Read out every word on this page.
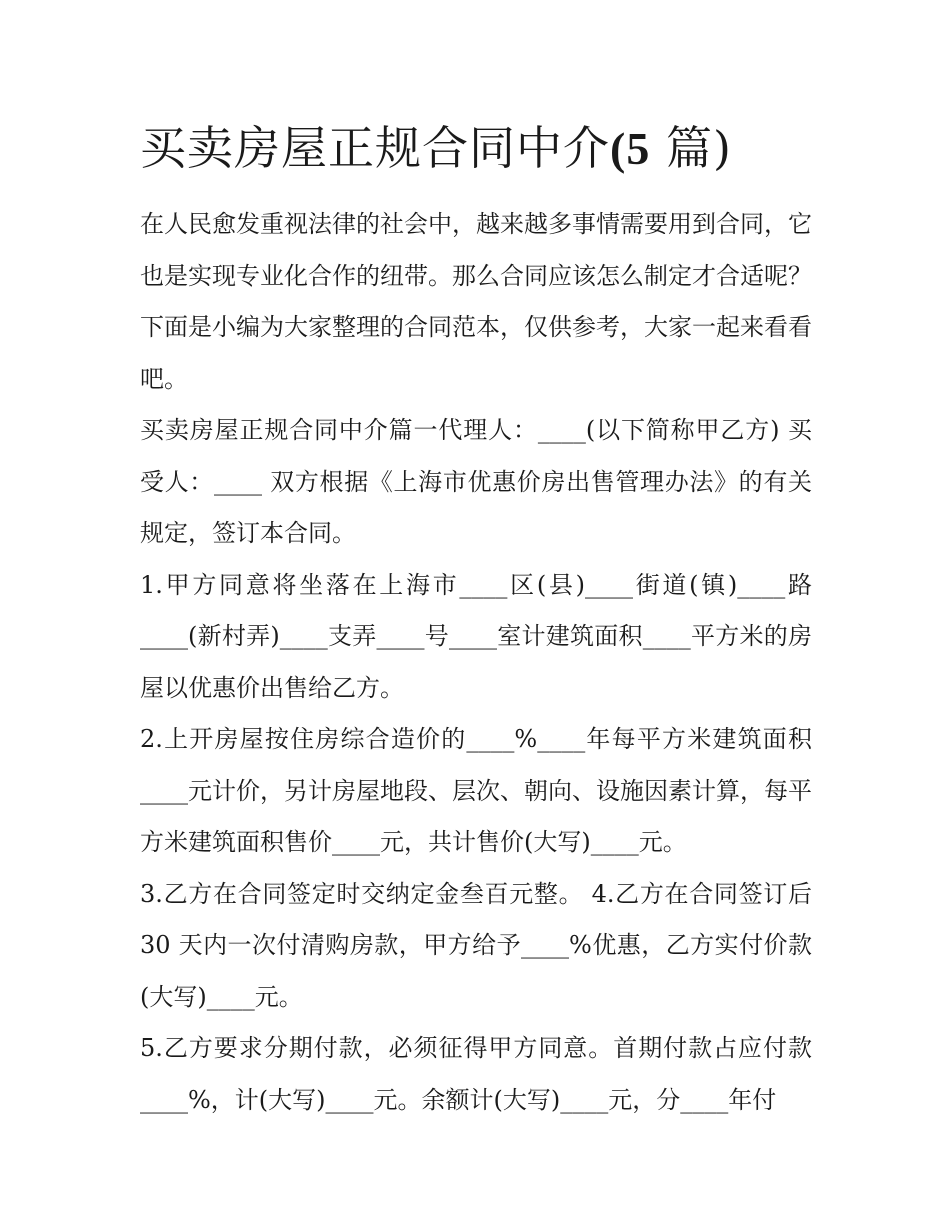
买卖房屋正规合同中介(5 篇)

在人民愈发重视法律的社会中，越来越多事情需要用到合同，它也是实现专业化合作的纽带。那么合同应该怎么制定才合适呢？下面是小编为大家整理的合同范本，仅供参考，大家一起来看看吧。

买卖房屋正规合同中介篇一代理人：____(以下简称甲乙方) 买受人：____ 双方根据《上海市优惠价房出售管理办法》的有关规定，签订本合同。

1.甲方同意将坐落在上海市____区(县)____街道(镇)____路____(新村弄)____支弄____号____室计建筑面积____平方米的房屋以优惠价出售给乙方。

2.上开房屋按住房综合造价的____%____年每平方米建筑面积____元计价，另计房屋地段、层次、朝向、设施因素计算，每平方米建筑面积售价____元，共计售价(大写)____元。

3.乙方在合同签定时交纳定金叁百元整。 4.乙方在合同签订后 30 天内一次付清购房款，甲方给予____%优惠，乙方实付价款(大写)____元。

5.乙方要求分期付款，必须征得甲方同意。首期付款占应付款____%，计(大写)____元。余额计(大写)____元，分____年付
